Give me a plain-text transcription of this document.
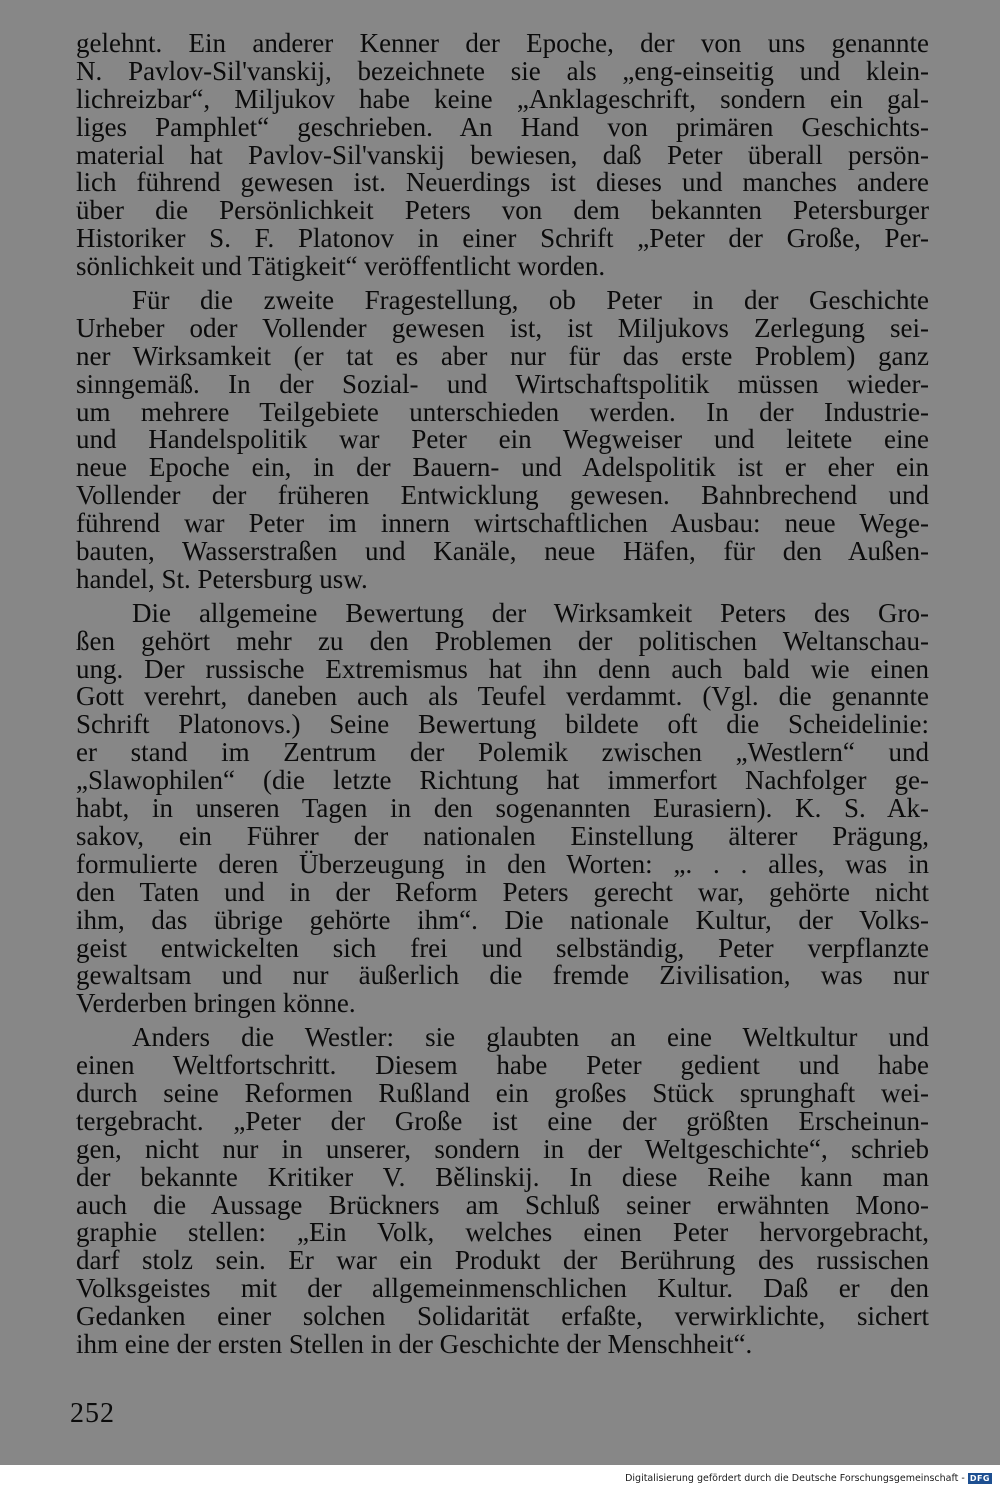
gelehnt. Ein anderer Kenner der Epoche, der von uns genannte
N. Pavlov-Sil'vanskij, bezeichnete sie als „eng-einseitig und klein-
lichreizbar“, Miljukov habe keine „Anklageschrift, sondern ein gal-
liges Pamphlet“ geschrieben. An Hand von primären Geschichts-
material hat Pavlov-Sil'vanskij bewiesen, daß Peter überall persön-
lich führend gewesen ist. Neuerdings ist dieses und manches andere
über die Persönlichkeit Peters von dem bekannten Petersburger
Historiker S. F. Platonov in einer Schrift „Peter der Große, Per-
sönlichkeit und Tätigkeit“ veröffentlicht worden.
Für die zweite Fragestellung, ob Peter in der Geschichte
Urheber oder Vollender gewesen ist, ist Miljukovs Zerlegung sei-
ner Wirksamkeit (er tat es aber nur für das erste Problem) ganz
sinngemäß. In der Sozial- und Wirtschaftspolitik müssen wieder-
um mehrere Teilgebiete unterschieden werden. In der Industrie-
und Handelspolitik war Peter ein Wegweiser und leitete eine
neue Epoche ein, in der Bauern- und Adelspolitik ist er eher ein
Vollender der früheren Entwicklung gewesen. Bahnbrechend und
führend war Peter im innern wirtschaftlichen Ausbau: neue Wege-
bauten, Wasserstraßen und Kanäle, neue Häfen, für den Außen-
handel, St. Petersburg usw.
Die allgemeine Bewertung der Wirksamkeit Peters des Gro-
ßen gehört mehr zu den Problemen der politischen Weltanschau-
ung. Der russische Extremismus hat ihn denn auch bald wie einen
Gott verehrt, daneben auch als Teufel verdammt. (Vgl. die genannte
Schrift Platonovs.) Seine Bewertung bildete oft die Scheidelinie:
er stand im Zentrum der Polemik zwischen „Westlern“ und
„Slawophilen“ (die letzte Richtung hat immerfort Nachfolger ge-
habt, in unseren Tagen in den sogenannten Eurasiern). K. S. Ak-
sakov, ein Führer der nationalen Einstellung älterer Prägung,
formulierte deren Überzeugung in den Worten: „. . . alles, was in
den Taten und in der Reform Peters gerecht war, gehörte nicht
ihm, das übrige gehörte ihm“. Die nationale Kultur, der Volks-
geist entwickelten sich frei und selbständig, Peter verpflanzte
gewaltsam und nur äußerlich die fremde Zivilisation, was nur
Verderben bringen könne.
Anders die Westler: sie glaubten an eine Weltkultur und
einen Weltfortschritt. Diesem habe Peter gedient und habe
durch seine Reformen Rußland ein großes Stück sprunghaft wei-
tergebracht. „Peter der Große ist eine der größten Erscheinun-
gen, nicht nur in unserer, sondern in der Weltgeschichte“, schrieb
der bekannte Kritiker V. Bělinskij. In diese Reihe kann man
auch die Aussage Brückners am Schluß seiner erwähnten Mono-
graphie stellen: „Ein Volk, welches einen Peter hervorgebracht,
darf stolz sein. Er war ein Produkt der Berührung des russischen
Volksgeistes mit der allgemeinmenschlichen Kultur. Daß er den
Gedanken einer solchen Solidarität erfaßte, verwirklichte, sichert
ihm eine der ersten Stellen in der Geschichte der Menschheit“.
252
Digitalisierung gefördert durch die Deutsche Forschungsgemeinschaft - DFG
